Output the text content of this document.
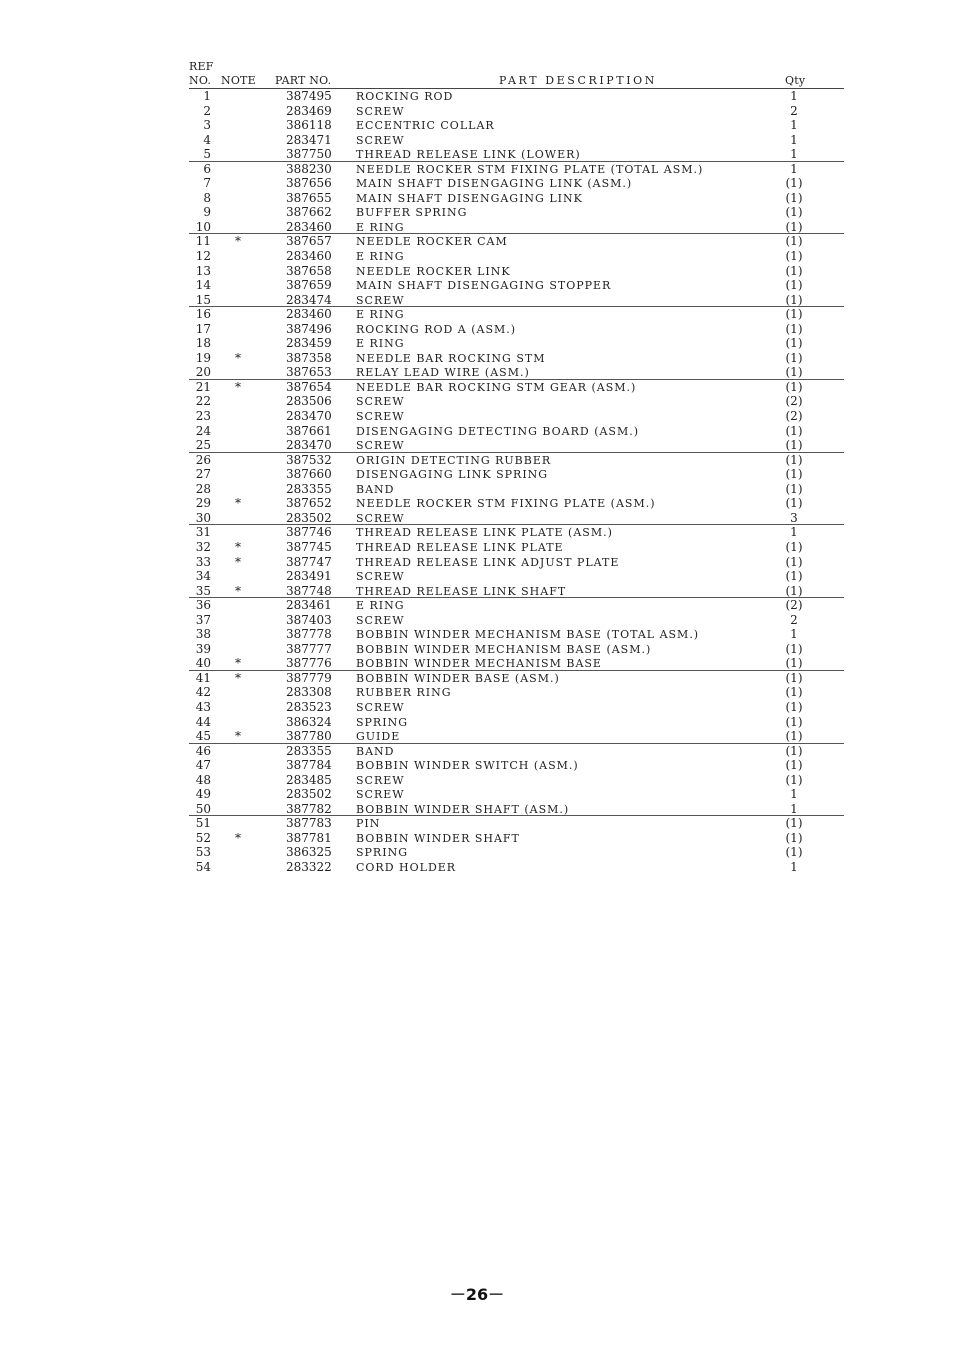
REF
NO. NOTE PART NO.	PART DESCRIPTION	Qty
1	387495 ROCKING ROD	1
2	283469 SCREW	2
3	386118 ECCENTRIC COLLAR	1
4	283471 SCREW	1
5	387750 THREAD RELEASE LINK (LOWER)	1
6	388230 NEEDLE ROCKER STM FIXING PLATE (TOTAL ASM.)	1
7	387656 MAIN SHAFT DISENGAGING LINK (ASM.)	(1)
8	387655 MAIN SHAFT DISENGAGING LINK	(1)
9	387662 BUFFER SPRING	(1)
10	283460 E RING	(1)
11	*	387657 NEEDLE ROCKER CAM	(1)
12	283460 E RING	(1)
13	387658 NEEDLE ROCKER LINK	(1)
14	387659 MAIN SHAFT DISENGAGING STOPPER	(1)
15	283474 SCREW	(1)
16	283460 E RING	(1)
17	387496 ROCKING ROD A (ASM.)	(1)
18	283459 E RING	(1)
19	*	387358 NEEDLE BAR ROCKING STM	(1)
20	387653 RELAY LEAD WIRE (ASM.)	(1)
21	*	387654 NEEDLE BAR ROCKING STM GEAR (ASM.)	(1)
22	283506 SCREW	(2)
23	283470 SCREW	(2)
24	387661 DISENGAGING DETECTING BOARD (ASM.)	(1)
25	283470 SCREW	(1)
26	387532 ORIGIN DETECTING RUBBER	(1)
27	387660 DISENGAGING LINK SPRING	(1)
28	283355 BAND	(1)
29	*	387652 NEEDLE ROCKER STM FIXING PLATE (ASM.)	(1)
30	283502 SCREW	3
31	387746 THREAD RELEASE LINK PLATE (ASM.)	1
32	*	387745 THREAD RELEASE LINK PLATE	(1)
33	*	387747 THREAD RELEASE LINK ADJUST PLATE	(1)
34	283491 SCREW	(1)
35	*	387748 THREAD RELEASE LINK SHAFT	(1)
36	283461 E RING	(2)
37	387403 SCREW	2
38	387778 BOBBIN WINDER MECHANISM BASE (TOTAL ASM.)	1
39	387777 BOBBIN WINDER MECHANISM BASE (ASM.)	(1)
40	*	387776 BOBBIN WINDER MECHANISM BASE	(1)
41	*	387779 BOBBIN WINDER BASE (ASM.)	(1)
42	283308 RUBBER RING	(1)
43	283523 SCREW	(1)
44	386324 SPRING	(1)
45	*	387780 GUIDE	(1)
46	283355 BAND	(1)
47	387784 BOBBIN WINDER SWITCH (ASM.)	(1)
48	283485 SCREW	(1)
49	283502 SCREW	1
50	387782 BOBBIN WINDER SHAFT (ASM.)	1
51	387783 PIN	(1)
52	*	387781 BOBBIN WINDER SHAFT	(1)
53	386325 SPRING	(1)
54	283322 CORD HOLDER	1
－26－
